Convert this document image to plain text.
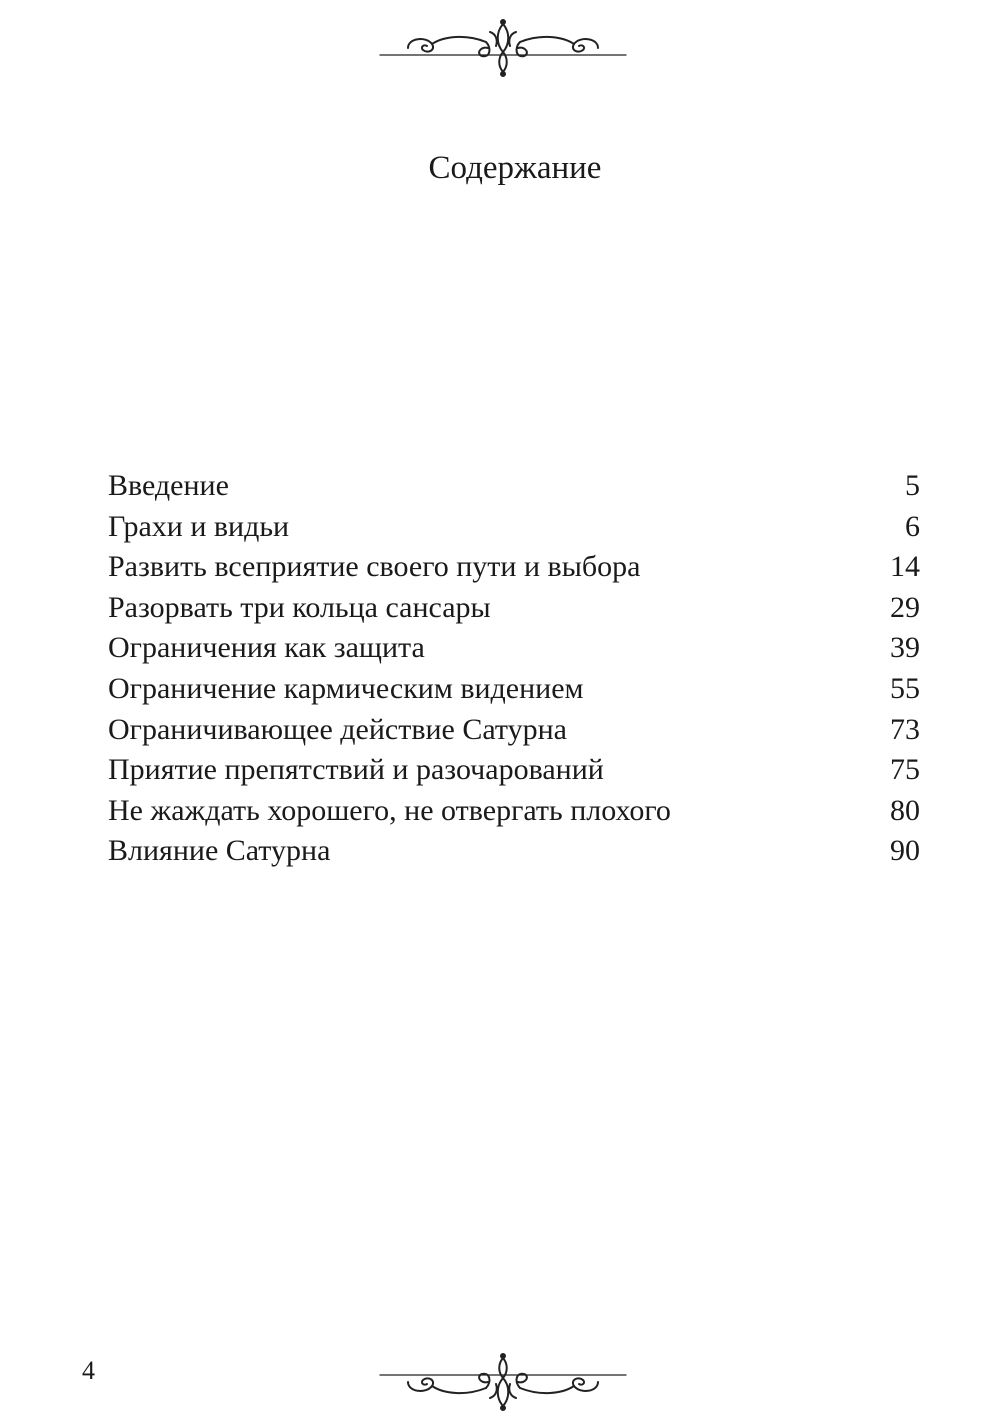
Содержание
Введение	5
Грахи и видьи	6
Развить всеприятие своего пути и выбора	14
Разорвать три кольца сансары	29
Ограничения как защита	39
Ограничение кармическим видением	55
Ограничивающее действие Сатурна	73
Приятие препятствий и разочарований	75
Не жаждать хорошего, не отвергать плохого	80
Влияние Сатурна	90
4
